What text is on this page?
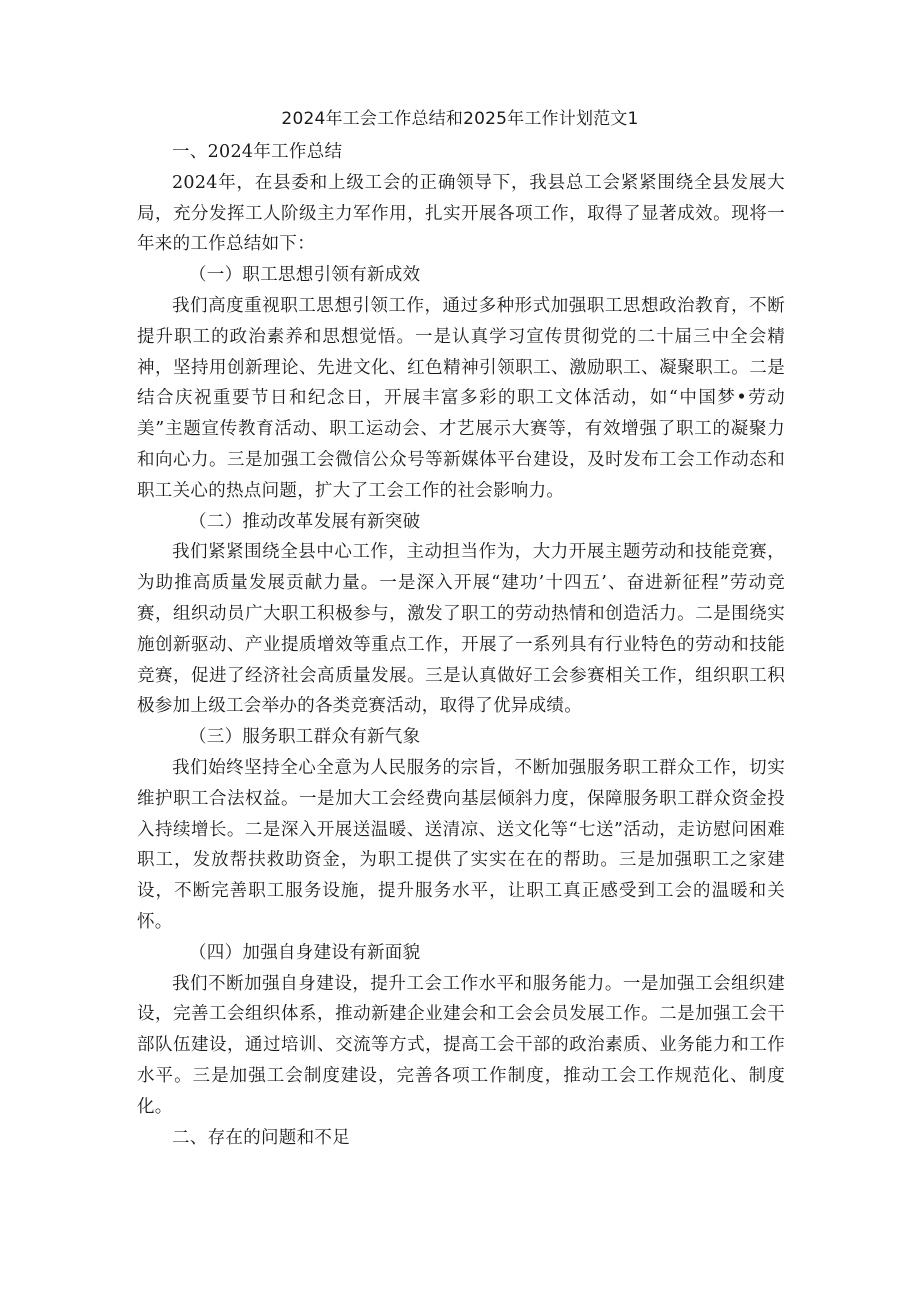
2024年工会工作总结和2025年工作计划范文1

一、2024年工作总结

2024年，在县委和上级工会的正确领导下，我县总工会紧紧围绕全县发展大局，充分发挥工人阶级主力军作用，扎实开展各项工作，取得了显著成效。现将一年来的工作总结如下：

（一）职工思想引领有新成效

我们高度重视职工思想引领工作，通过多种形式加强职工思想政治教育，不断提升职工的政治素养和思想觉悟。一是认真学习宣传贯彻党的二十届三中全会精神，坚持用创新理论、先进文化、红色精神引领职工、激励职工、凝聚职工。二是结合庆祝重要节日和纪念日，开展丰富多彩的职工文体活动，如“中国梦•劳动美”主题宣传教育活动、职工运动会、才艺展示大赛等，有效增强了职工的凝聚力和向心力。三是加强工会微信公众号等新媒体平台建设，及时发布工会工作动态和职工关心的热点问题，扩大了工会工作的社会影响力。

（二）推动改革发展有新突破

我们紧紧围绕全县中心工作，主动担当作为，大力开展主题劳动和技能竞赛，为助推高质量发展贡献力量。一是深入开展“建功’十四五’、奋进新征程”劳动竞赛，组织动员广大职工积极参与，激发了职工的劳动热情和创造活力。二是围绕实施创新驱动、产业提质增效等重点工作，开展了一系列具有行业特色的劳动和技能竞赛，促进了经济社会高质量发展。三是认真做好工会参赛相关工作，组织职工积极参加上级工会举办的各类竞赛活动，取得了优异成绩。

（三）服务职工群众有新气象

我们始终坚持全心全意为人民服务的宗旨，不断加强服务职工群众工作，切实维护职工合法权益。一是加大工会经费向基层倾斜力度，保障服务职工群众资金投入持续增长。二是深入开展送温暖、送清凉、送文化等“七送”活动，走访慰问困难职工，发放帮扶救助资金，为职工提供了实实在在的帮助。三是加强职工之家建设，不断完善职工服务设施，提升服务水平，让职工真正感受到工会的温暖和关怀。

（四）加强自身建设有新面貌

我们不断加强自身建设，提升工会工作水平和服务能力。一是加强工会组织建设，完善工会组织体系，推动新建企业建会和工会会员发展工作。二是加强工会干部队伍建设，通过培训、交流等方式，提高工会干部的政治素质、业务能力和工作水平。三是加强工会制度建设，完善各项工作制度，推动工会工作规范化、制度化。

二、存在的问题和不足
